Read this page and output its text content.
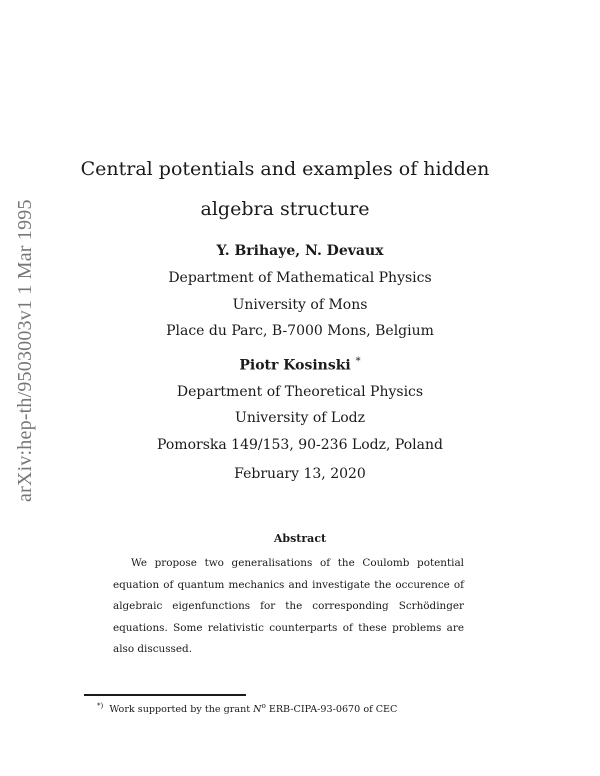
arXiv:hep-th/9503003v1 1 Mar 1995
Central potentials and examples of hidden
algebra structure
Y. Brihaye, N. Devaux
Department of Mathematical Physics
University of Mons
Place du Parc, B-7000 Mons, Belgium
Piotr Kosinski *
Department of Theoretical Physics
University of Lodz
Pomorska 149/153, 90-236 Lodz, Poland
February 13, 2020
Abstract
We propose two generalisations of the Coulomb potential equation of quantum mechanics and investigate the occurence of algebraic eigenfunctions for the corresponding Scrhödinger equations. Some relativistic counterparts of these problems are also discussed.
*) Work supported by the grant $N^o$ ERB-CIPA-93-0670 of CEC
